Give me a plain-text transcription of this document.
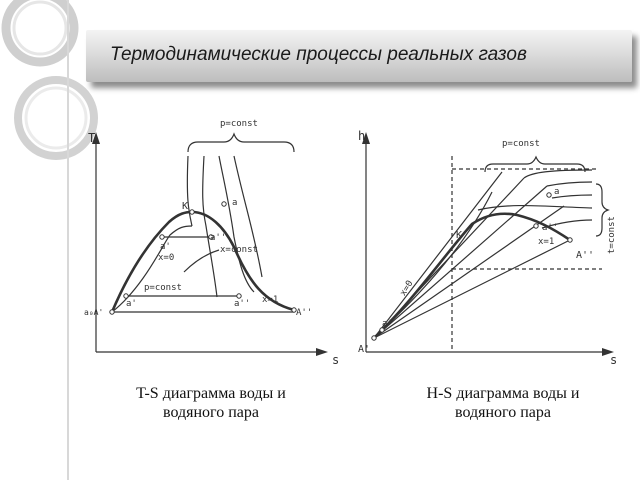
Термодинамические процессы реальных газов
T
s
p=const
K	a
a'
a''
x=const
x=0
p=const
a'	a'' x=1
a₀A'	A''
h
s
p=const
t=const
K
a
a''
x=1
x=0
a'
A'
A''
T-S диаграмма воды и
водяного пара
H-S диаграмма воды и
водяного пара
